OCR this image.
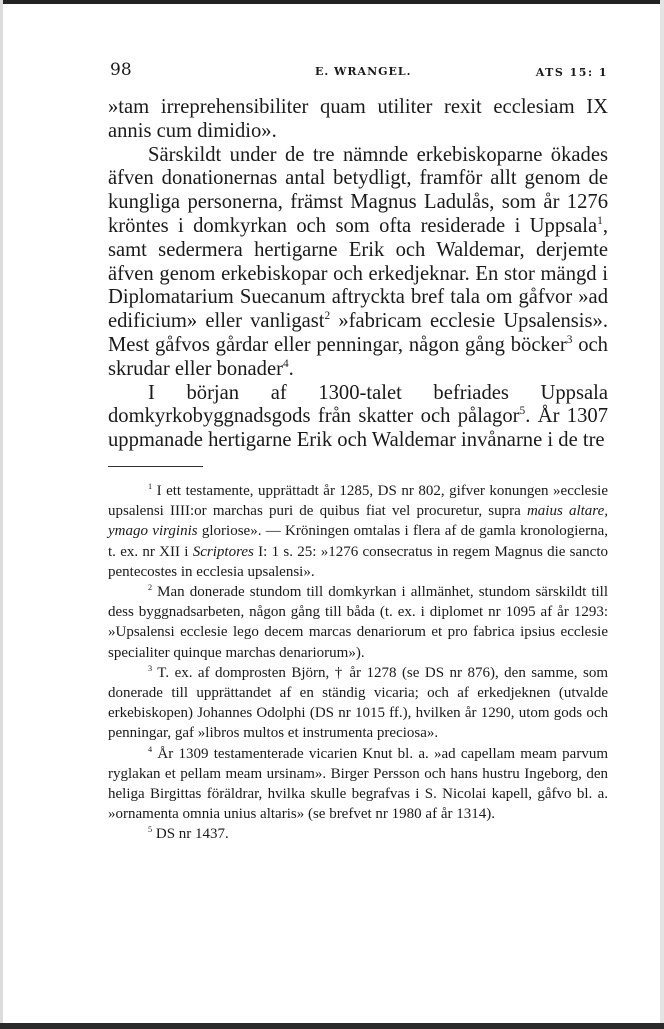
98	E. WRANGEL.	ATS 15: 1

»tam irreprehensibiliter quam utiliter rexit ecclesiam IX annis cum dimidio».

Särskildt under de tre nämnde erkebiskoparne ökades äfven donationernas antal betydligt, framför allt genom de kungliga personerna, främst Magnus Ladulås, som år 1276 kröntes i domkyrkan och som ofta residerade i Uppsala$^1$, samt sedermera hertigarne Erik och Waldemar, derjemte äfven genom erkebiskopar och erkedjeknar. En stor mängd i Diplomatarium Suecanum aftryckta bref tala om gåfvor »ad edificium» eller vanligast$^2$ »fabricam ecclesie Upsalensis». Mest gåfvos gårdar eller penningar, någon gång böcker$^3$ och skrudar eller bonader$^4$.

I början af 1300-talet befriades Uppsala domkyrkobyggnadsgods från skatter och pålagor$^5$. År 1307 uppmanade hertigarne Erik och Waldemar invånarne i de tre

$^1$ I ett testamente, upprättadt år 1285, DS nr 802, gifver konungen »ecclesie upsalensi IIII:or marchas puri de quibus fiat vel procuretur, supra maius altare, ymago virginis gloriose». — Kröningen omtalas i flera af de gamla kronologierna, t. ex. nr XII i Scriptores I: 1 s. 25: »1276 consecratus in regem Magnus die sancto pentecostes in ecclesia upsalensi».

$^2$ Man donerade stundom till domkyrkan i allmänhet, stundom särskildt till dess byggnadsarbeten, någon gång till båda (t. ex. i diplomet nr 1095 af år 1293: »Upsalensi ecclesie lego decem marcas denariorum et pro fabrica ipsius ecclesie specialiter quinque marchas denariorum»).

$^3$ T. ex. af domprosten Björn, † år 1278 (se DS nr 876), den samme, som donerade till upprättandet af en ständig vicaria; och af erkedjeknen (utvalde erkebiskopen) Johannes Odolphi (DS nr 1015 ff.), hvilken år 1290, utom gods och penningar, gaf »libros multos et instrumenta preciosa».

$^4$ År 1309 testamenterade vicarien Knut bl. a. »ad capellam meam parvum ryglakan et pellam meam ursinam». Birger Persson och hans hustru Ingeborg, den heliga Birgittas föräldrar, hvilka skulle begrafvas i S. Nicolai kapell, gåfvo bl. a. »ornamenta omnia unius altaris» (se brefvet nr 1980 af år 1314).

$^5$ DS nr 1437.
